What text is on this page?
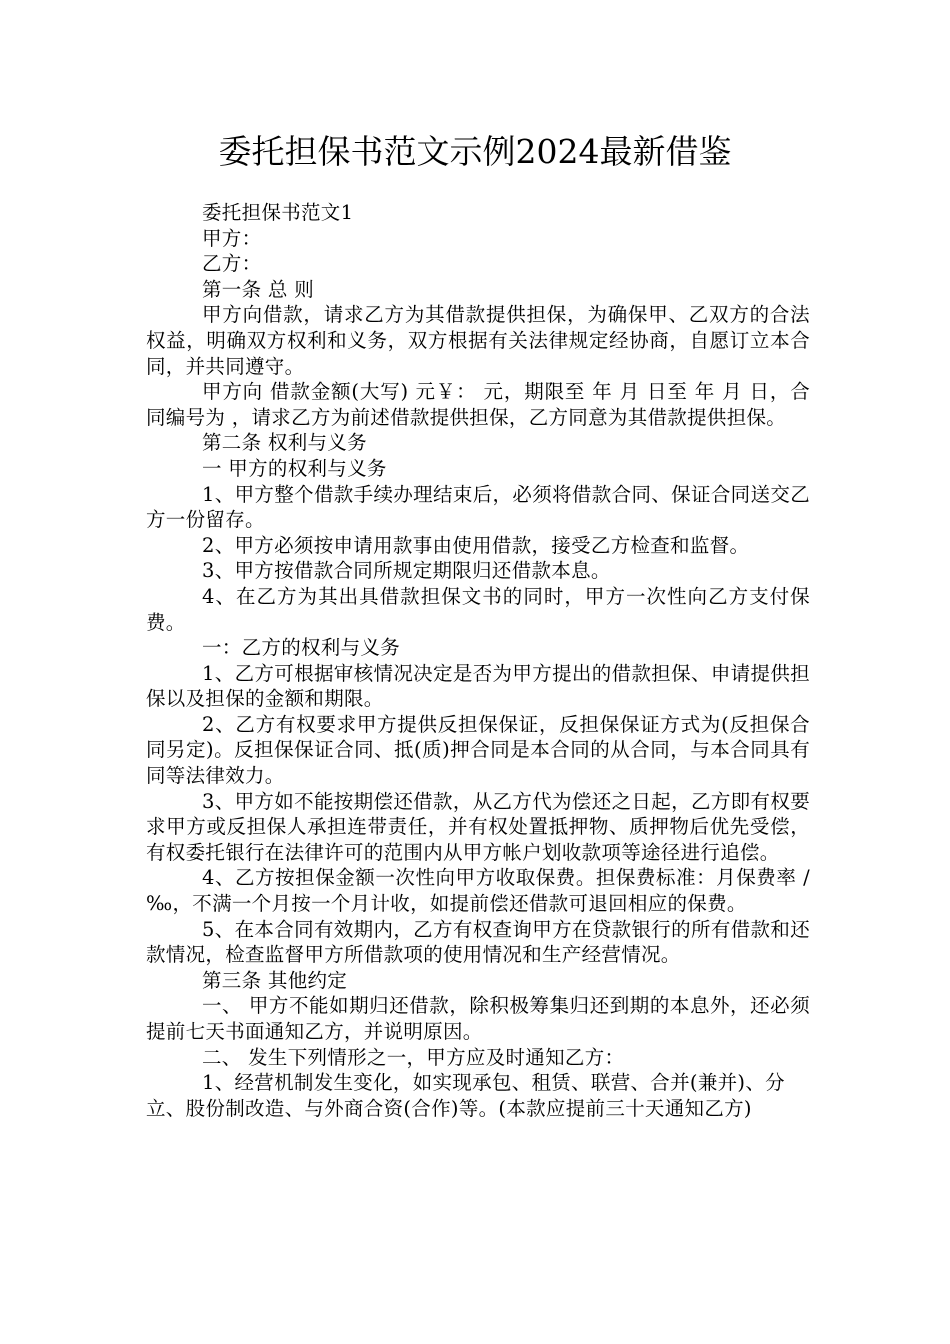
委托担保书范文示例2024最新借鉴

委托担保书范文1

甲方：

乙方：

第一条 总 则

甲方向借款，请求乙方为其借款提供担保，为确保甲、乙双方的合法权益，明确双方权利和义务，双方根据有关法律规定经协商，自愿订立本合同，并共同遵守。

甲方向 借款金额(大写) 元￥： 元，期限至 年 月 日至 年 月 日，合同编号为 ，请求乙方为前述借款提供担保，乙方同意为其借款提供担保。

第二条 权利与义务

一 甲方的权利与义务

1、甲方整个借款手续办理结束后，必须将借款合同、保证合同送交乙方一份留存。

2、甲方必须按申请用款事由使用借款，接受乙方检查和监督。

3、甲方按借款合同所规定期限归还借款本息。

4、在乙方为其出具借款担保文书的同时，甲方一次性向乙方支付保费。

一：乙方的权利与义务

1、乙方可根据审核情况决定是否为甲方提出的借款担保、申请提供担保以及担保的金额和期限。

2、乙方有权要求甲方提供反担保保证，反担保保证方式为(反担保合同另定)。反担保保证合同、抵(质)押合同是本合同的从合同，与本合同具有同等法律效力。

3、甲方如不能按期偿还借款，从乙方代为偿还之日起，乙方即有权要求甲方或反担保人承担连带责任，并有权处置抵押物、质押物后优先受偿，有权委托银行在法律许可的范围内从甲方帐户划收款项等途径进行追偿。

4、乙方按担保金额一次性向甲方收取保费。担保费标准：月保费率 /‰，不满一个月按一个月计收，如提前偿还借款可退回相应的保费。

5、在本合同有效期内，乙方有权查询甲方在贷款银行的所有借款和还款情况，检查监督甲方所借款项的使用情况和生产经营情况。

第三条 其他约定

一、 甲方不能如期归还借款，除积极筹集归还到期的本息外，还必须提前七天书面通知乙方，并说明原因。

二、 发生下列情形之一，甲方应及时通知乙方：

1、经营机制发生变化，如实现承包、租赁、联营、合并(兼并)、分立、股份制改造、与外商合资(合作)等。(本款应提前三十天通知乙方)
